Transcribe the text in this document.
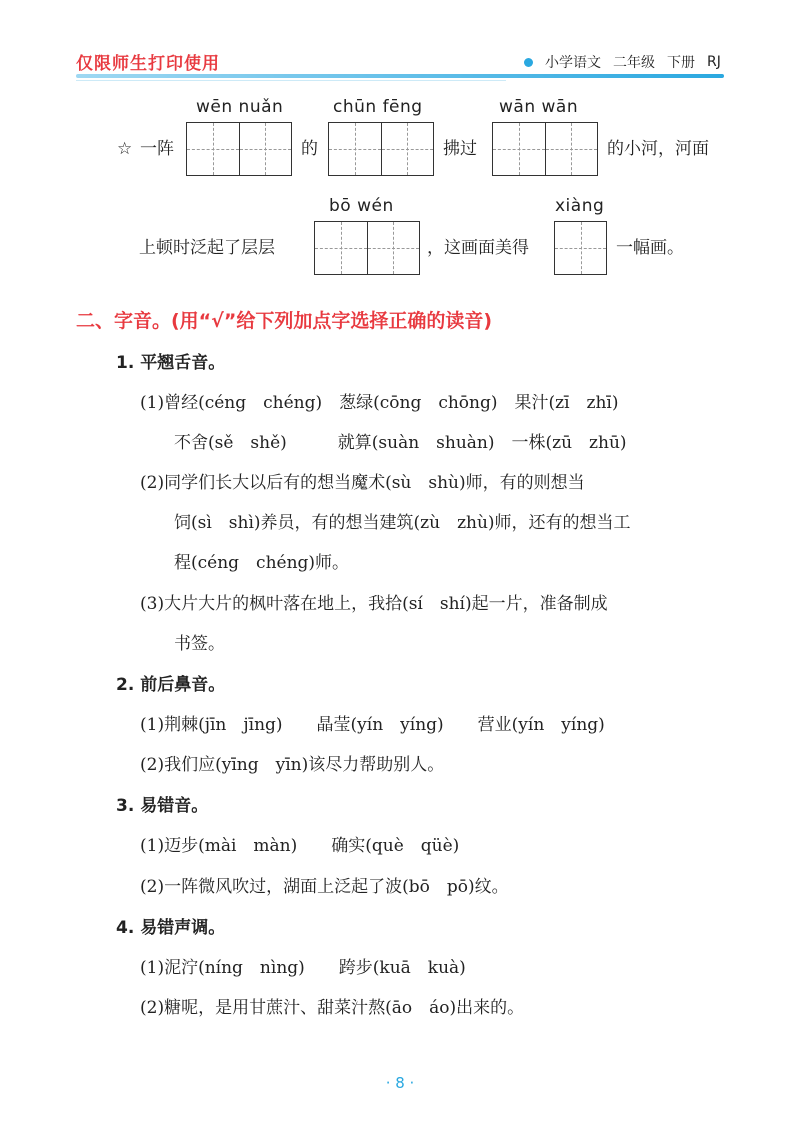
仅限师生打印使用	小学语文 二年级 下册 RJ
wēn nuǎn	chūn fēng	wān wān
☆ 一阵	的	拂过	的小河，河面
bō wén	xiàng
上顿时泛起了层层	，这画面美得	一幅画。
二、字音。(用“√”给下列加点字选择正确的读音)
1. 平翘舌音。
(1)曾经(céng　chéng)　葱绿(cōng　chōng)　果汁(zī　zhī)
不舍(sě　shě)　　　就算(suàn　shuàn)　一株(zū　zhū)
(2)同学们长大以后有的想当魔术(sù　shù)师，有的则想当
饲(sì　shì)养员，有的想当建筑(zù　zhù)师，还有的想当工
程(céng　chéng)师。
(3)大片大片的枫叶落在地上，我拾(sí　shí)起一片，准备制成
书签。
2. 前后鼻音。
(1)荆棘(jīn　jīng)　　晶莹(yín　yíng)　　营业(yín　yíng)
(2)我们应(yīng　yīn)该尽力帮助别人。
3. 易错音。
(1)迈步(mài　màn)　　确实(què　qüè)
(2)一阵微风吹过，湖面上泛起了波(bō　pō)纹。
4. 易错声调。
(1)泥泞(níng　nìng)　　跨步(kuā　kuà)
(2)糖呢，是用甘蔗汁、甜菜汁熬(āo　áo)出来的。
· 8 ·
